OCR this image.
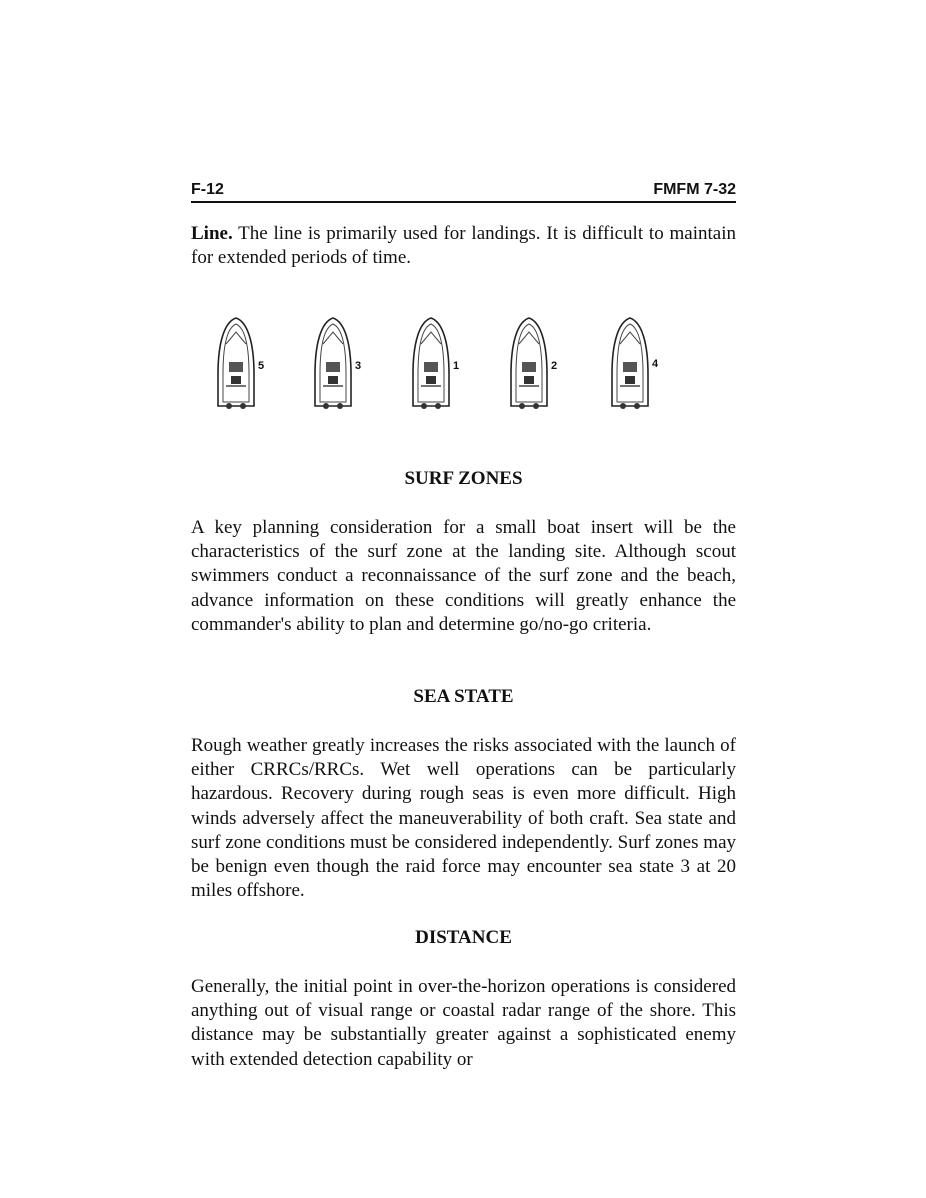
F-12	FMFM 7-32

Line. The line is primarily used for landings. It is difficult to maintain for extended periods of time.

5	3	1	2	4
SURF ZONES

A key planning consideration for a small boat insert will be the characteristics of the surf zone at the landing site. Although scout swimmers conduct a reconnaissance of the surf zone and the beach, advance information on these conditions will greatly enhance the commander's ability to plan and determine go/no-go criteria.

SEA STATE

Rough weather greatly increases the risks associated with the launch of either CRRCs/RRCs. Wet well operations can be particularly hazardous. Recovery during rough seas is even more difficult. High winds adversely affect the maneuverability of both craft. Sea state and surf zone conditions must be considered independently. Surf zones may be benign even though the raid force may encounter sea state 3 at 20 miles offshore.

DISTANCE

Generally, the initial point in over-the-horizon operations is considered anything out of visual range or coastal radar range of the shore. This distance may be substantially greater against a sophisticated enemy with extended detection capability or
